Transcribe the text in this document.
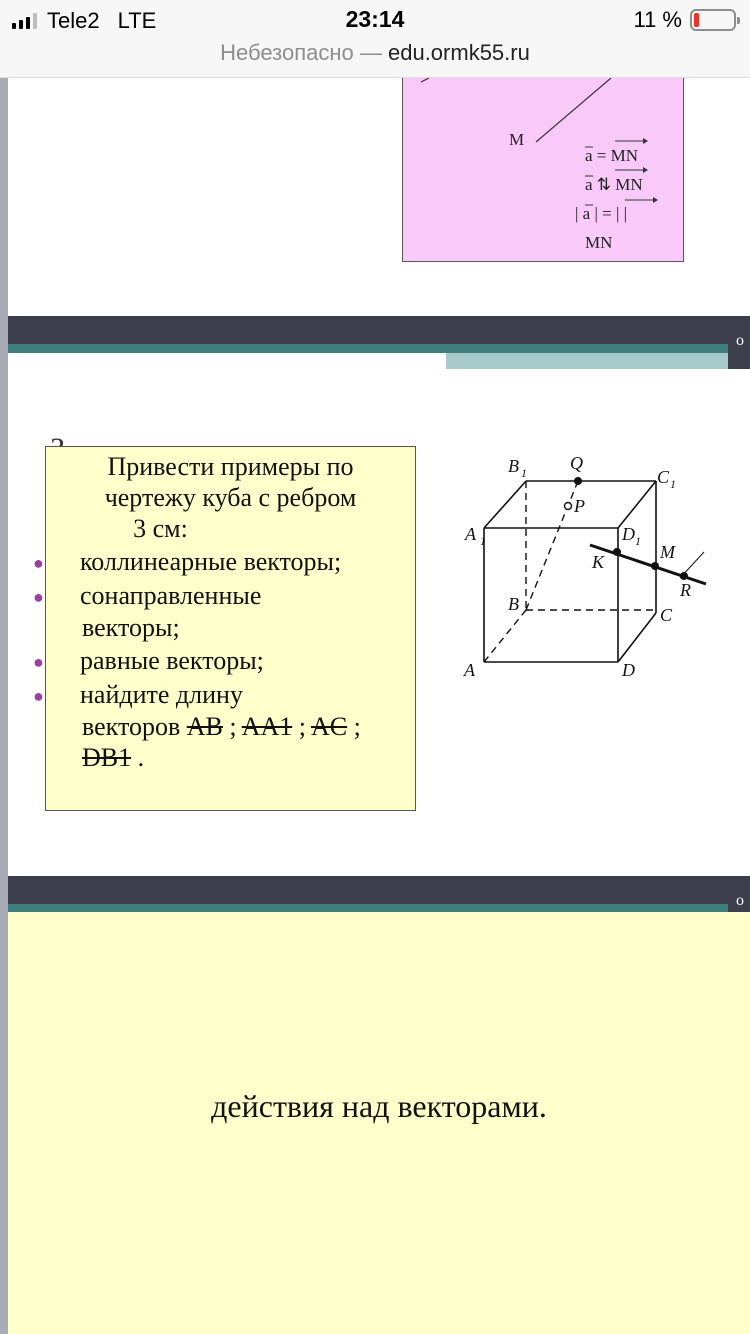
Tele2 LTE	23:14	11 %
Небезопасно — edu.ormk55.ru
M
a = MN
a ⇅ MN
| a | = | |
MN
о
Привести примеры по
чертежу куба с ребром
3 см:
● коллинеарные векторы;
● сонаправленные
векторы;
● равные векторы;
● найдите длину
векторов AB ; AA1 ; AC ;
DB1 .
A 1
B 1 Q
P
C 1
D 1
K	M
R
B
C
A	D
о
действия над векторами.
